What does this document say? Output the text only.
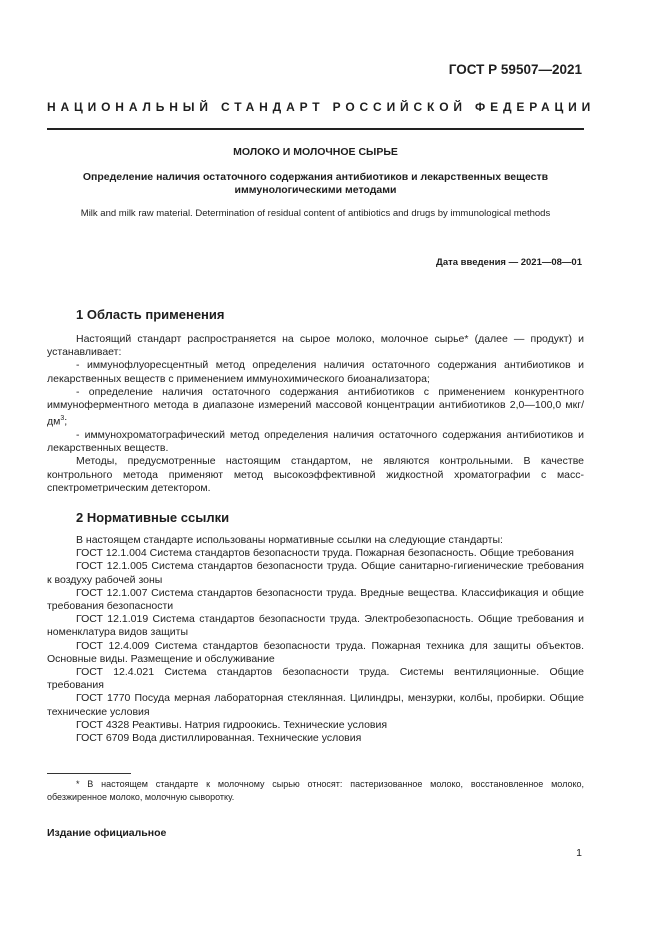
ГОСТ Р 59507—2021
НАЦИОНАЛЬНЫЙ СТАНДАРТ РОССИЙСКОЙ ФЕДЕРАЦИИ
МОЛОКО И МОЛОЧНОЕ СЫРЬЕ
Определение наличия остаточного содержания антибиотиков и лекарственных веществ
иммунологическими методами
Milk and milk raw material. Determination of residual content of antibiotics and drugs by immunological methods
Дата введения — 2021—08—01
1 Область применения

Настоящий стандарт распространяется на сырое молоко, молочное сырье* (далее — продукт) и устанавливает:

- иммунофлуоресцентный метод определения наличия остаточного содержания антибиотиков и лекарственных веществ с применением иммунохимического биоанализатора;

- определение наличия остаточного содержания антибиотиков с применением конкурентного иммуноферментного метода в диапазоне измерений массовой концентрации антибиотиков 2,0—100,0 мкг/$дм^3$;

- иммунохроматографический метод определения наличия остаточного содержания антибиотиков и лекарственных веществ.

Методы, предусмотренные настоящим стандартом, не являются контрольными. В качестве контрольного метода применяют метод высокоэффективной жидкостной хроматографии с масс-спектрометрическим детектором.

2 Нормативные ссылки

В настоящем стандарте использованы нормативные ссылки на следующие стандарты:

ГОСТ 12.1.004 Система стандартов безопасности труда. Пожарная безопасность. Общие требования

ГОСТ 12.1.005 Система стандартов безопасности труда. Общие санитарно-гигиенические требования к воздуху рабочей зоны

ГОСТ 12.1.007 Система стандартов безопасности труда. Вредные вещества. Классификация и общие требования безопасности

ГОСТ 12.1.019 Система стандартов безопасности труда. Электробезопасность. Общие требования и номенклатура видов защиты

ГОСТ 12.4.009 Система стандартов безопасности труда. Пожарная техника для защиты объектов. Основные виды. Размещение и обслуживание

ГОСТ 12.4.021 Система стандартов безопасности труда. Системы вентиляционные. Общие требования

ГОСТ 1770 Посуда мерная лабораторная стеклянная. Цилиндры, мензурки, колбы, пробирки. Общие технические условия

ГОСТ 4328 Реактивы. Натрия гидроокись. Технические условия

ГОСТ 6709 Вода дистиллированная. Технические условия

* В настоящем стандарте к молочному сырью относят: пастеризованное молоко, восстановленное молоко, обезжиренное молоко, молочную сыворотку.

Издание официальное
1
